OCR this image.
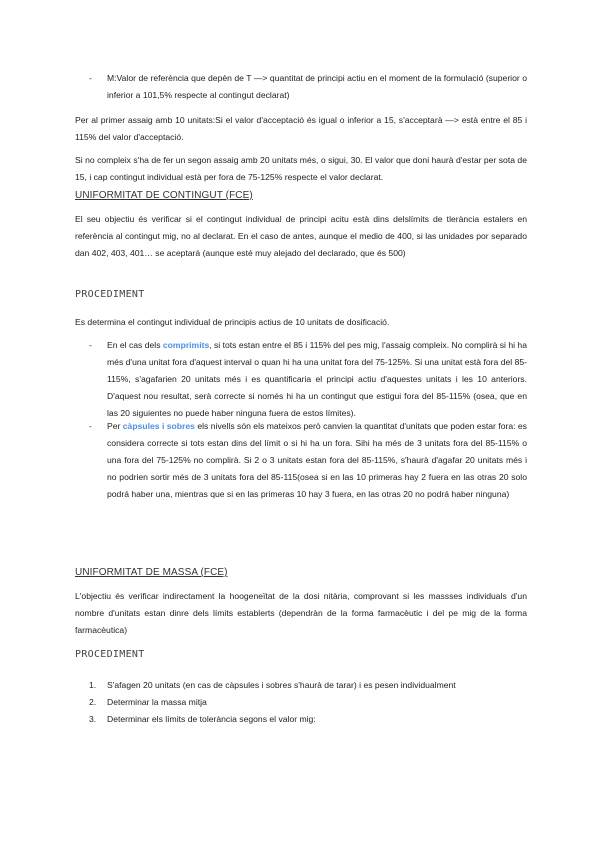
- M:Valor de referència que depèn de T —> quantitat de principi actiu en el moment de la formulació (superior o inferior a 101,5% respecte al contingut declarat)

Per al primer assaig amb 10 unitats:Si el valor d'acceptació és igual o inferior a 15, s'acceptarà —> està entre el 85 i 115% del valor d'acceptació.

Si no compleix s'ha de fer un segon assaig amb 20 unitats més, o sigui, 30. El valor que doni haurà d'estar per sota de 15, i cap contingut individual està per fora de 75-125% respecte el valor declarat.

UNIFORMITAT DE CONTINGUT (FCE)

El seu objectiu és verificar si el contingut individual de principi acitu està dins delslímits de tlerància estalers en referència al contingut mig, no al declarat. En el caso de antes, aunque el medio de 400, si las unidades por separado dan 402, 403, 401… se aceptará (aunque esté muy alejado del declarado, que és 500)

PROCEDIMENT

Es determina el contingut individual de principis actius de 10 unitats de dosificació.

- En el cas dels comprimits, si tots estan entre el 85 i 115% del pes mig, l'assaig compleix. No complirà si hi ha més d'una unitat fora d'aquest interval o quan hi ha una unitat fora del 75-125%. Si una unitat està fora del 85-115%, s'agafarien 20 unitats més i es quantificaria el principi actiu d'aquestes unitats i les 10 anteriors. D'aquest nou resultat, serà correcte si només hi ha un contingut que estigui fora del 85-115% (osea, que en las 20 siguientes no puede haber ninguna fuera de estos límites).

- Per càpsules i sobres els nivells són els mateixos però canvien la quantitat d'unitats que poden estar fora: es considera correcte si tots estan dins del límit o si hi ha un fora. Sihi ha més de 3 unitats fora del 85-115% o una fora del 75-125% no complirà. Si 2 o 3 unitats estan fora del 85-115%, s'haurà d'agafar 20 unitats més i no podrien sortir més de 3 unitats fora del 85-115(osea si en las 10 primeras hay 2 fuera en las otras 20 solo podrá haber una, mientras que si en las primeras 10 hay 3 fuera, en las otras 20 no podrá haber ninguna)

UNIFORMITAT DE MASSA (FCE)

L'objectiu és verificar indirectament la hoogeneïtat de la dosi nitària, comprovant si les massses individuals d'un nombre d'unitats estan dinre dels límits establerts (dependràn de la forma farmacèutic i del pe mig de la forma farmacèutica)

PROCEDIMENT
1. S'afagen 20 unitats (en cas de càpsules i sobres s'haurà de tarar) i es pesen individualment
2. Determinar la massa mitja
3. Determinar els límits de tolerància segons el valor mig:
